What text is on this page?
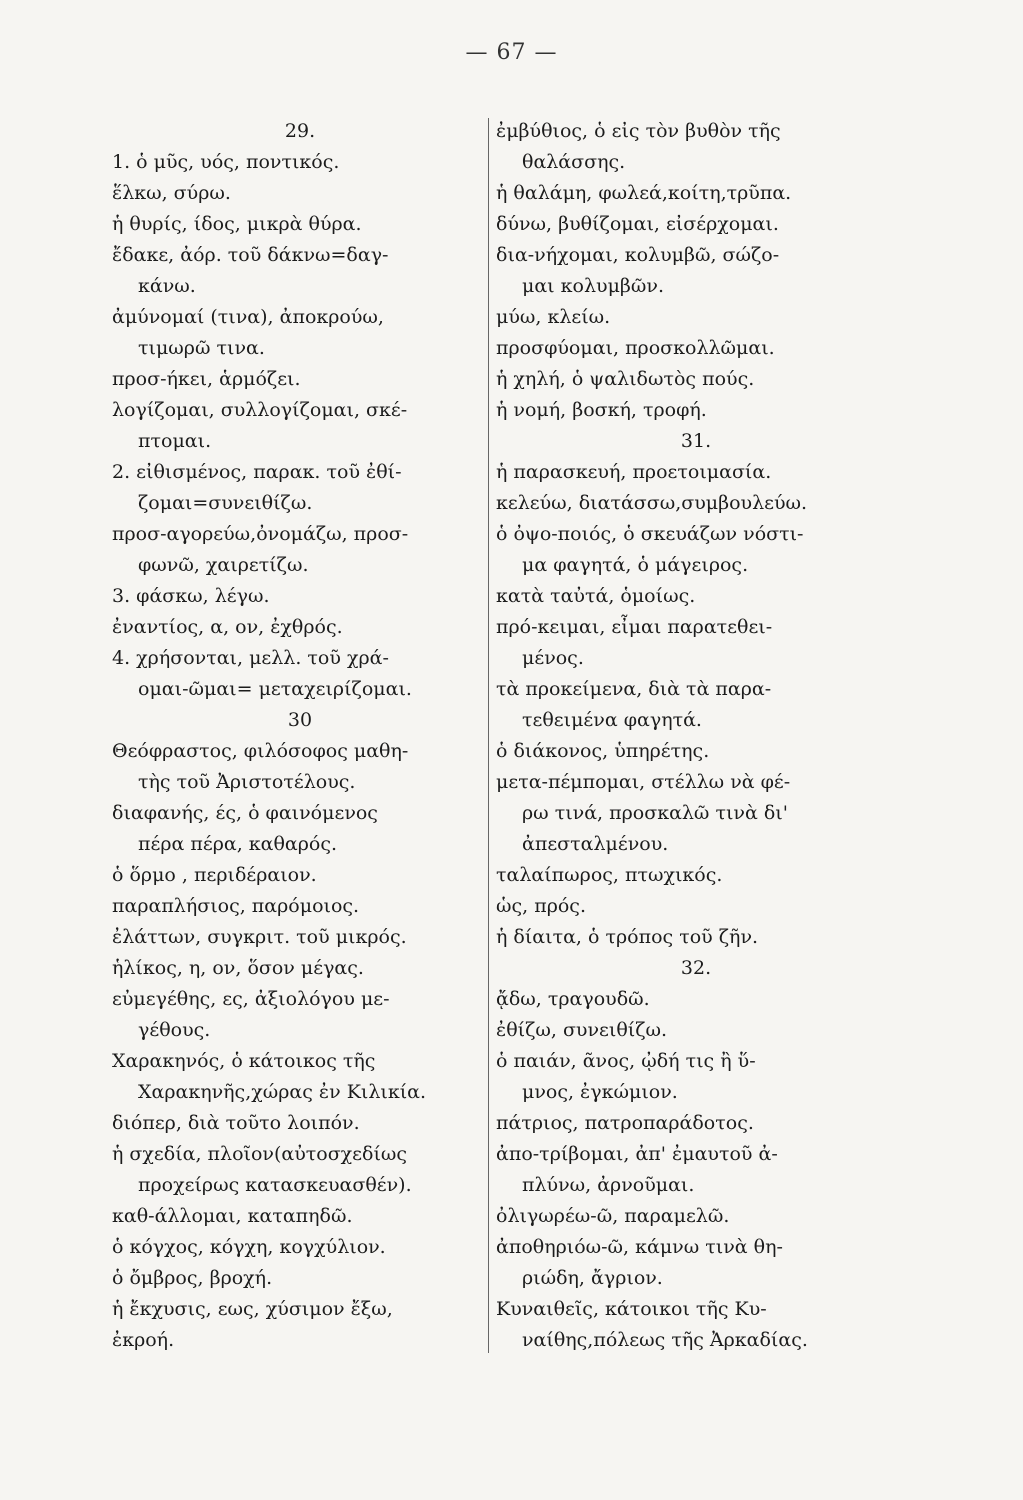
— 67 —
29.
1. ὁ μῦς, υός, ποντικός.
ἕλκω, σύρω.
ἡ θυρίς, ίδος, μικρὰ θύρα.
ἔδακε, ἀόρ. τοῦ δάκνω=δαγ-
κάνω.
ἀμύνομαί (τινα), ἀποκρούω,
τιμωρῶ τινα.
προσ-ήκει, ἁρμόζει.
λογίζομαι, συλλογίζομαι, σκέ-
πτομαι.
2. εἰθισμένος, παρακ. τοῦ ἐθί-
ζομαι=συνειθίζω.
προσ-αγορεύω,ὀνομάζω, προσ-
φωνῶ, χαιρετίζω.
3. φάσκω, λέγω.
ἐναντίος, α, ον, ἐχθρός.
4. χρήσονται, μελλ. τοῦ χρά-
ομαι-ῶμαι= μεταχειρίζομαι.
30
Θεόφραστος, φιλόσοφος μαθη-
τὴς τοῦ Ἀριστοτέλους.
διαφανής, ές, ὁ φαινόμενος
πέρα πέρα, καθαρός.
ὁ ὅρμο , περιδέραιον.
παραπλήσιος, παρόμοιος.
ἐλάττων, συγκριτ. τοῦ μικρός.
ἡλίκος, η, ον, ὅσον μέγας.
εὐμεγέθης, ες, ἀξιολόγου με-
γέθους.
Χαρακηνός, ὁ κάτοικος τῆς
Χαρακηνῆς,χώρας ἐν Κιλικία.
διόπερ, διὰ τοῦτο λοιπόν.
ἡ σχεδία, πλοῖον(αὐτοσχεδίως
προχείρως κατασκευασθέν).
καθ-άλλομαι, καταπηδῶ.
ὁ κόγχος, κόγχη, κογχύλιον.
ὁ ὄμβρος, βροχή.
ἡ ἔκχυσις, εως, χύσιμον ἔξω,
ἐκροή.
ἐμβύθιος, ὁ εἰς τὸν βυθὸν τῆς
θαλάσσης.
ἡ θαλάμη, φωλεά,κοίτη,τρῦπα.
δύνω, βυθίζομαι, εἰσέρχομαι.
δια-νήχομαι, κολυμβῶ, σώζο-
μαι κολυμβῶν.
μύω, κλείω.
προσφύομαι, προσκολλῶμαι.
ἡ χηλή, ὁ ψαλιδωτὸς πούς.
ἡ νομή, βοσκή, τροφή.
31.
ἡ παρασκευή, προετοιμασία.
κελεύω, διατάσσω,συμβουλεύω.
ὁ ὀψο-ποιός, ὁ σκευάζων νόστι-
μα φαγητά, ὁ μάγειρος.
κατὰ ταὐτά, ὁμοίως.
πρό-κειμαι, εἶμαι παρατεθει-
μένος.
τὰ προκείμενα, διὰ τὰ παρα-
τεθειμένα φαγητά.
ὁ διάκονος, ὑπηρέτης.
μετα-πέμπομαι, στέλλω νὰ φέ-
ρω τινά, προσκαλῶ τινὰ δι'
ἀπεσταλμένου.
ταλαίπωρος, πτωχικός.
ὡς, πρός.
ἡ δίαιτα, ὁ τρόπος τοῦ ζῆν.
32.
ᾄδω, τραγουδῶ.
ἐθίζω, συνειθίζω.
ὁ παιάν, ᾶνος, ᾠδή τις ἢ ὕ-
μνος, ἐγκώμιον.
πάτριος, πατροπαράδοτος.
ἀπο-τρίβομαι, ἀπ' ἐμαυτοῦ ἀ-
πλύνω, ἀρνοῦμαι.
ὀλιγωρέω-ῶ, παραμελῶ.
ἀποθηριόω-ῶ, κάμνω τινὰ θη-
ριώδη, ἄγριον.
Κυναιθεῖς, κάτοικοι τῆς Κυ-
ναίθης,πόλεως τῆς Ἀρκαδίας.
